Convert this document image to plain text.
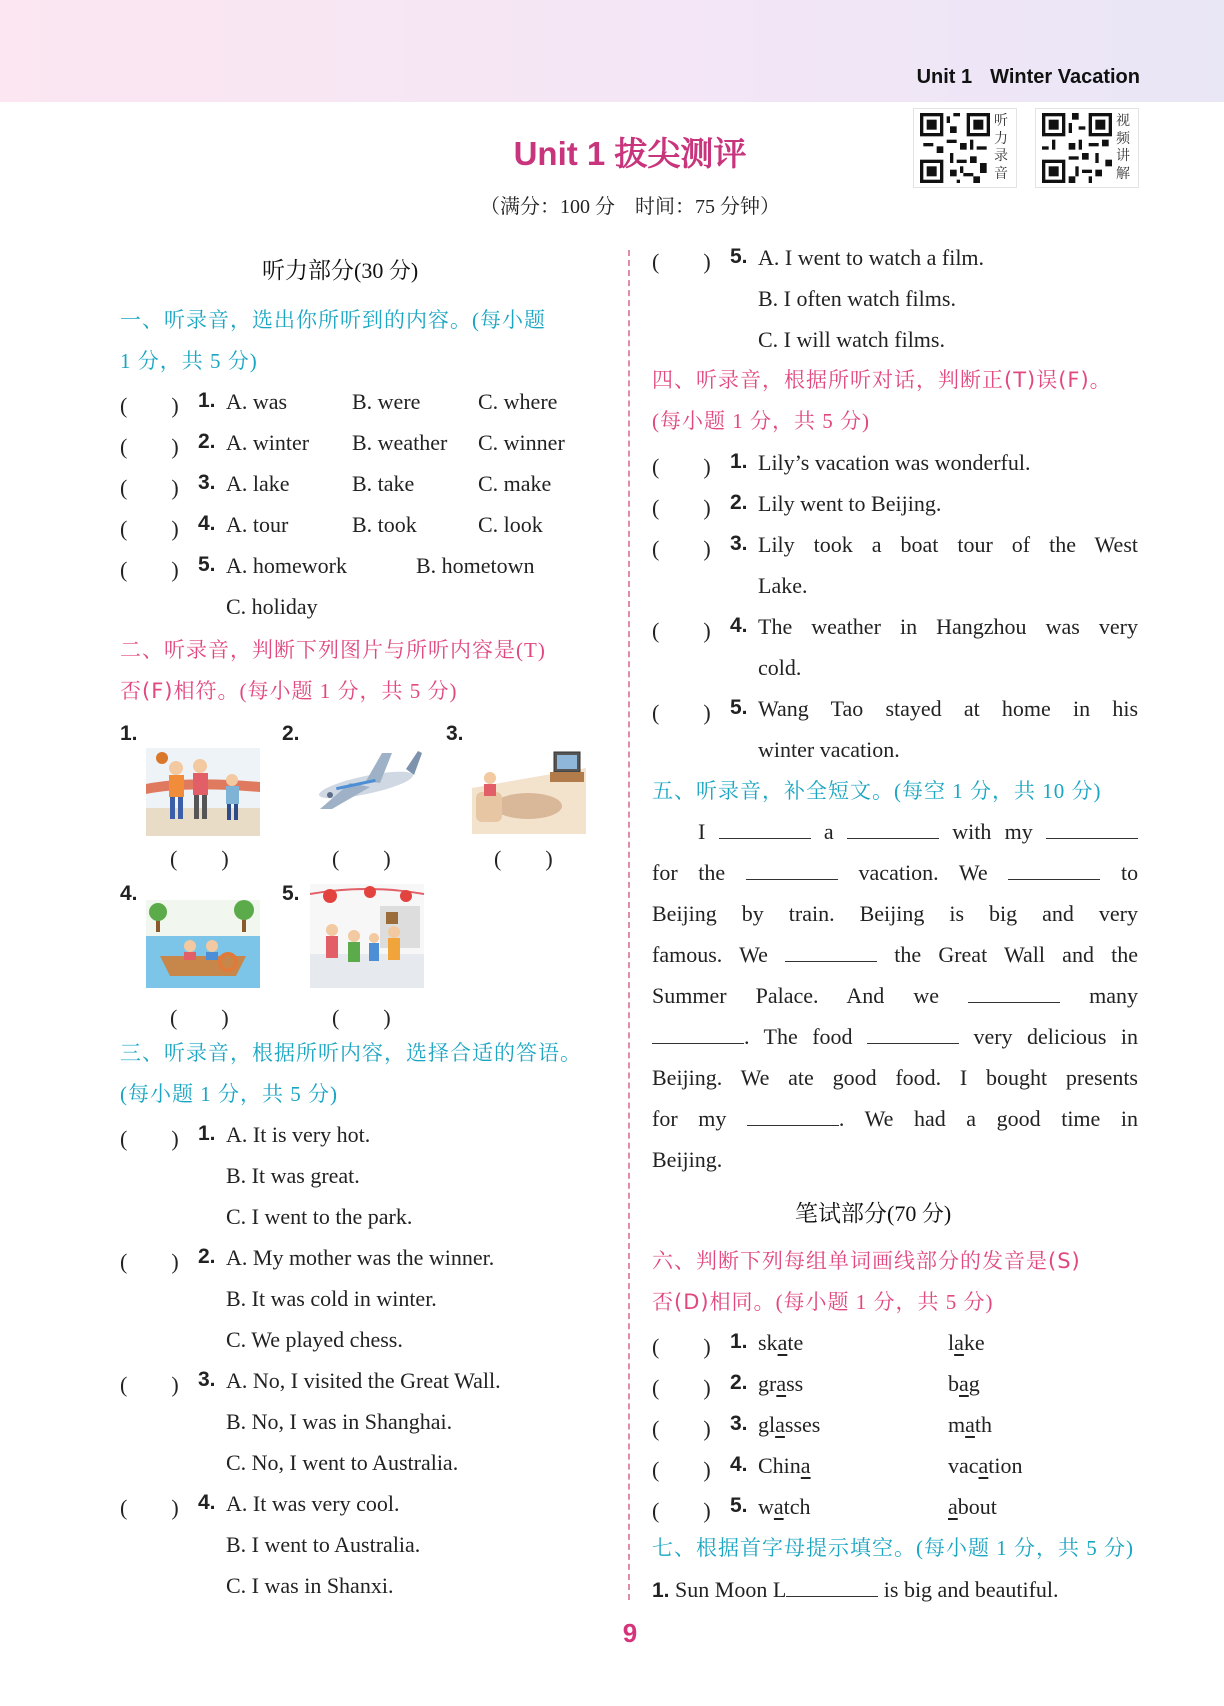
Unit 1 Winter Vacation
听
力
录
音
视
频
讲
解
Unit 1 拔尖测评
（满分：100 分　时间：75 分钟）
听力部分(30 分)
一、听录音，选出你所听到的内容。(每小题
1 分，共 5 分)
(　　) 1. A. was	B. were	C. where
(　　) 2. A. winter B. weather C. winner
(　　) 3. A. lake	B. take	C. make
(　　) 4. A. tour	B. took	C. look
(　　) 5. A. homework	B. hometown
C. holiday
二、听录音，判断下列图片与所听内容是(T)
否(F)相符。(每小题 1 分，共 5 分)
1.	2.	3.
4.	5.
(　　)	(　　)	(　　)
(　　)	(　　)
三、听录音，根据所听内容，选择合适的答语。
(每小题 1 分，共 5 分)
(　　) 1. A. It is very hot.
B. It was great.
C. I went to the park.
(　　) 2. A. My mother was the winner.
B. It was cold in winter.
C. We played chess.
(　　) 3. A. No, I visited the Great Wall.
B. No, I was in Shanghai.
C. No, I went to Australia.
(　　) 4. A. It was very cool.
B. I went to Australia.
C. I was in Shanxi.
(　　) 5. A. I went to watch a film.
B. I often watch films.
C. I will watch films.
四、听录音，根据所听对话，判断正(T)误(F)。
(每小题 1 分，共 5 分)
(　　) 1. Lily’s vacation was wonderful.
(　　) 2. Lily went to Beijing.
(　　) 3. Lily took a boat tour of the West
Lake.
(　　) 4. The weather in Hangzhou was very
cold.
(　　) 5. Wang Tao stayed at home in his
winter vacation.
五、听录音，补全短文。(每空 1 分，共 10 分)
I	a	with my
for the	vacation. We	to
Beijing by train. Beijing is big and very
famous. We	the Great Wall and the
Summer Palace. And we	many
. The food	very delicious in
Beijing. We ate good food. I bought presents
for my	. We had a good time in
Beijing.
笔试部分(70 分)
六、判断下列每组单词画线部分的发音是(S)
否(D)相同。(每小题 1 分，共 5 分)
(　　) 1. skate	lake
(　　) 2. grass	bag
(　　) 3. glasses	math
(　　) 4. China	vacation
(　　) 5. watch	about
七、根据首字母提示填空。(每小题 1 分，共 5 分)
1. Sun Moon L	is big and beautiful.
9
